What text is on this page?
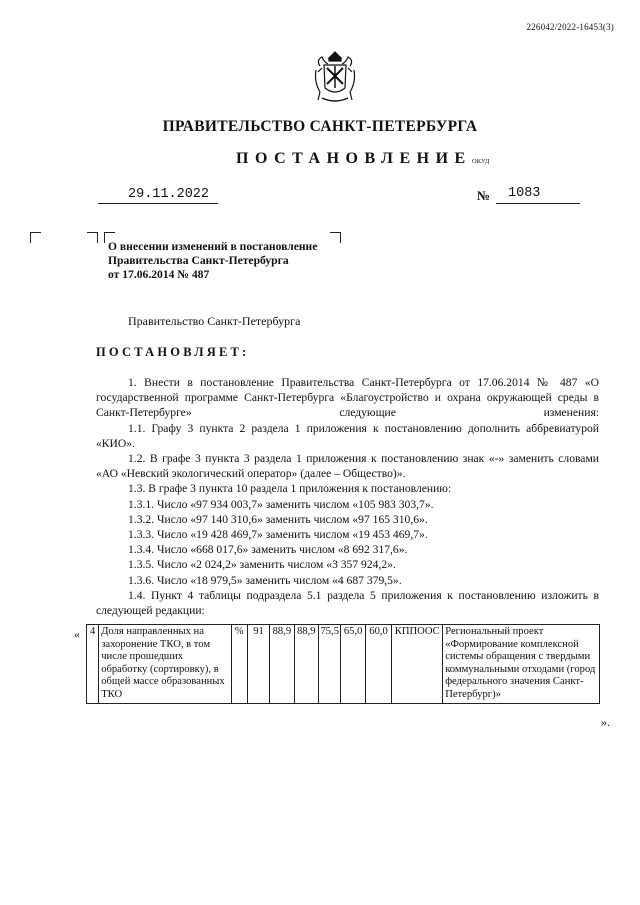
226042/2022-16453(3)
ПРАВИТЕЛЬСТВО САНКТ-ПЕТЕРБУРГА
ПОСТАНОВЛЕНИЕ ОКУД
29.11.2022	№ 1083
О внесении изменений в постановление
Правительства Санкт-Петербурга
от 17.06.2014 № 487
Правительство Санкт-Петербурга
ПОСТАНОВЛЯЕТ:

1. Внести в постановление Правительства Санкт-Петербурга от 17.06.2014 № 487 «О государственной программе Санкт-Петербурга «Благоустройство и охрана окружающей среды в Санкт-Петербурге» следующие изменения:

1.1. Графу 3 пункта 2 раздела 1 приложения к постановлению дополнить аббревиатурой «КИО».

1.2. В графе 3 пункта 3 раздела 1 приложения к постановлению знак «-» заменить словами «АО «Невский экологический оператор» (далее – Общество)».

1.3. В графе 3 пункта 10 раздела 1 приложения к постановлению:

1.3.1. Число «97 934 003,7» заменить числом «105 983 303,7».

1.3.2. Число «97 140 310,6» заменить числом «97 165 310,6».

1.3.3. Число «19 428 469,7» заменить числом «19 453 469,7».

1.3.4. Число «668 017,6» заменить числом «8 692 317,6».

1.3.5. Число «2 024,2» заменить числом «3 357 924,2».

1.3.6. Число «18 979,5» заменить числом «4 687 379,5».

1.4. Пункт 4 таблицы подраздела 5.1 раздела 5 приложения к постановлению изложить в следующей редакции:

« 4	Доля направленных на захоронение ТКО, в том числе прошедших обработку (сортировку), в общей массе образованных ТКО	%	91	88,9	88,9	75,5	65,0	60,0	КППООС	Региональный проект «Формирование комплексной системы обращения с твердыми коммунальными отходами (город федерального значения Санкт-Петербург)»
».
